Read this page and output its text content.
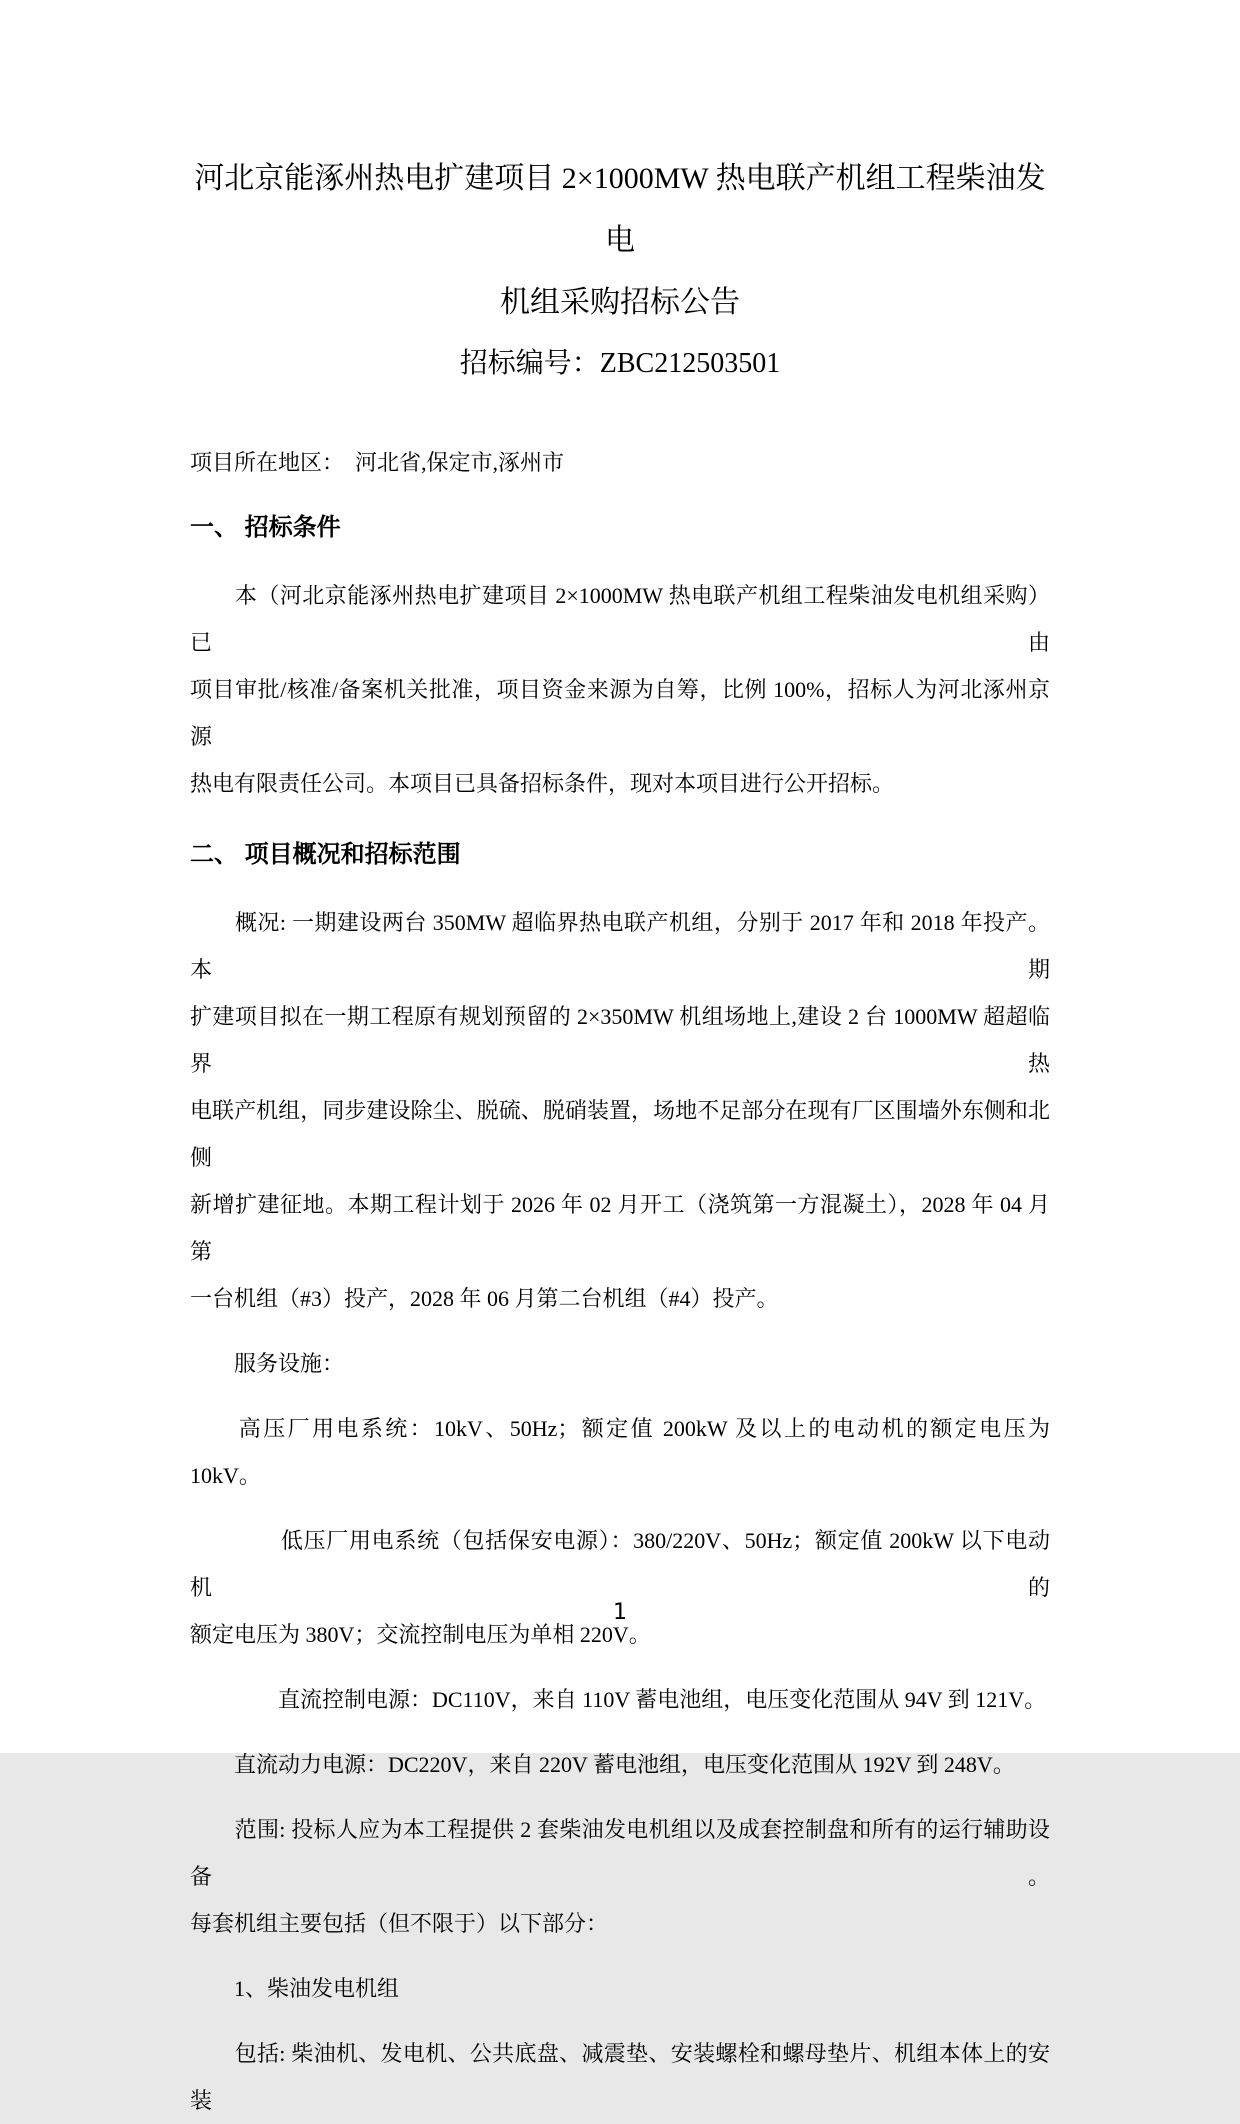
河北京能涿州热电扩建项目 2×1000MW 热电联产机组工程柴油发电
机组采购招标公告
招标编号：ZBC212503501
项目所在地区：　河北省,保定市,涿州市
一、 招标条件
　　本（河北京能涿州热电扩建项目 2×1000MW 热电联产机组工程柴油发电机组采购）已由
项目审批/核准/备案机关批准，项目资金来源为自筹，比例 100%，招标人为河北涿州京源
热电有限责任公司。本项目已具备招标条件，现对本项目进行公开招标。
二、 项目概况和招标范围
　　概况: 一期建设两台 350MW 超临界热电联产机组，分别于 2017 年和 2018 年投产。本期
扩建项目拟在一期工程原有规划预留的 2×350MW 机组场地上,建设 2 台 1000MW 超超临界热
电联产机组，同步建设除尘、脱硫、脱硝装置，场地不足部分在现有厂区围墙外东侧和北侧
新增扩建征地。本期工程计划于 2026 年 02 月开工（浇筑第一方混凝土），2028 年 04 月第
一台机组（#3）投产，2028 年 06 月第二台机组（#4）投产。
　　服务设施：
　　高压厂用电系统：10kV、50Hz；额定值 200kW 及以上的电动机的额定电压为 10kV。
　　　　低压厂用电系统（包括保安电源）：380/220V、50Hz；额定值 200kW 以下电动机的
额定电压为 380V；交流控制电压为单相 220V。
　　　　直流控制电源：DC110V，来自 110V 蓄电池组，电压变化范围从 94V 到 121V。
　　直流动力电源：DC220V，来自 220V 蓄电池组，电压变化范围从 192V 到 248V。
　　范围: 投标人应为本工程提供 2 套柴油发电机组以及成套控制盘和所有的运行辅助设备。
每套机组主要包括（但不限于）以下部分：
　　1、柴油发电机组
　　包括: 柴油机、发电机、公共底盘、减震垫、安装螺栓和螺母垫片、机组本体上的安装
1
